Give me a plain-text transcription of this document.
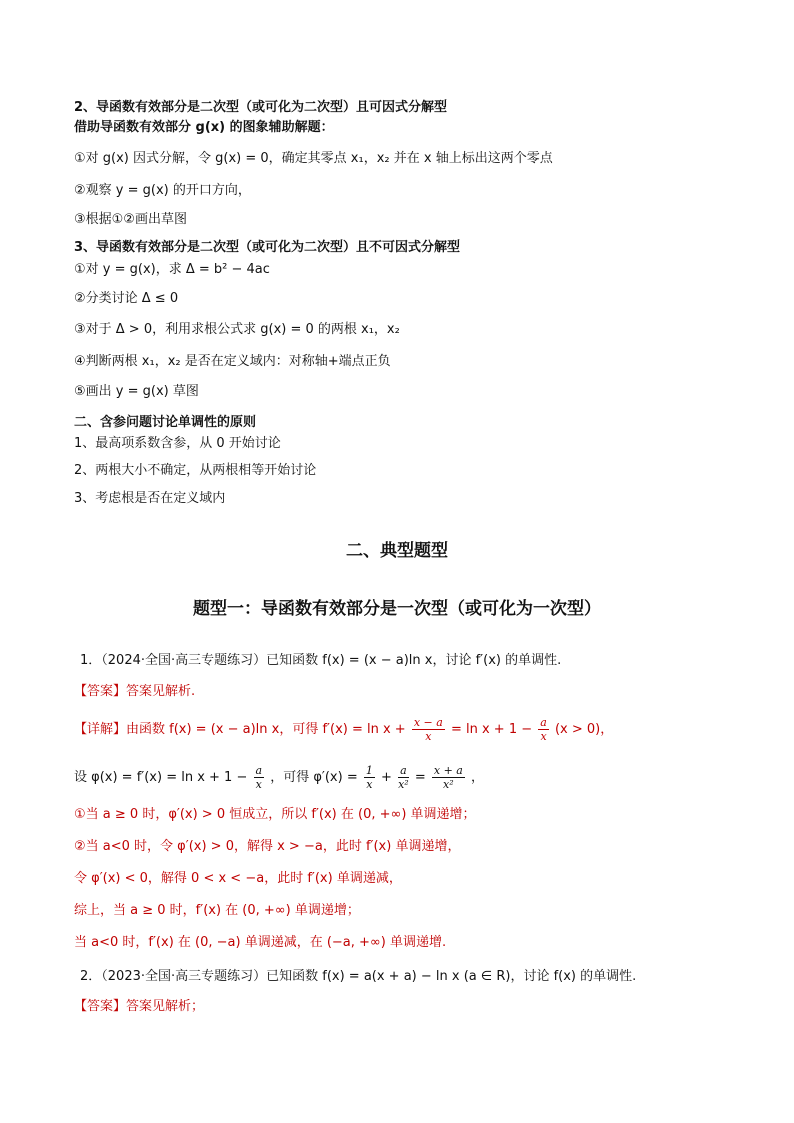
2、导函数有效部分是二次型（或可化为二次型）且可因式分解型
借助导函数有效部分 g(x) 的图象辅助解题：
①对 g(x) 因式分解，令 g(x) = 0，确定其零点 x₁，x₂ 并在 x 轴上标出这两个零点
②观察 y = g(x) 的开口方向，
③根据①②画出草图
3、导函数有效部分是二次型（或可化为二次型）且不可因式分解型
①对 y = g(x)，求 Δ = b² − 4ac
②分类讨论 Δ ≤ 0
③对于 Δ > 0，利用求根公式求 g(x) = 0 的两根 x₁，x₂
④判断两根 x₁，x₂ 是否在定义域内：对称轴+端点正负
⑤画出 y = g(x) 草图
二、含参问题讨论单调性的原则
1、最高项系数含参，从 0 开始讨论
2、两根大小不确定，从两根相等开始讨论
3、考虑根是否在定义域内
二、典型题型
题型一：导函数有效部分是一次型（或可化为一次型）
1．（2024·全国·高三专题练习）已知函数 f(x) = (x − a)ln x，讨论 f′(x) 的单调性.
【答案】答案见解析.
【详解】由函数 f(x) = (x − a)ln x，可得 $f'(x) = \ln x + \frac{x - a}{x} = \ln x + 1 - \frac{a}{x} (x > 0)$，
设 $\varphi(x) = f'(x) = \ln x + 1 - \frac{a}{x}$ ，可得 $\varphi'(x) = \frac{1}{x} + \frac{a}{\text{x²}} = \frac{x + a}{\text{x²}}$ ，
①当 a ≥ 0 时，φ′(x) > 0 恒成立，所以 f′(x) 在 (0, +∞) 单调递增；
②当 a<0 时，令 φ′(x) > 0，解得 x > −a，此时 f′(x) 单调递增，
令 φ′(x) < 0，解得 0 < x < −a，此时 f′(x) 单调递减，
综上，当 a ≥ 0 时，f′(x) 在 (0, +∞) 单调递增；
当 a<0 时，f′(x) 在 (0, −a) 单调递减，在 (−a, +∞) 单调递增.
2．（2023·全国·高三专题练习）已知函数 f(x) = a(x + a) − ln x (a ∈ R)，讨论 f(x) 的单调性.
【答案】答案见解析；
